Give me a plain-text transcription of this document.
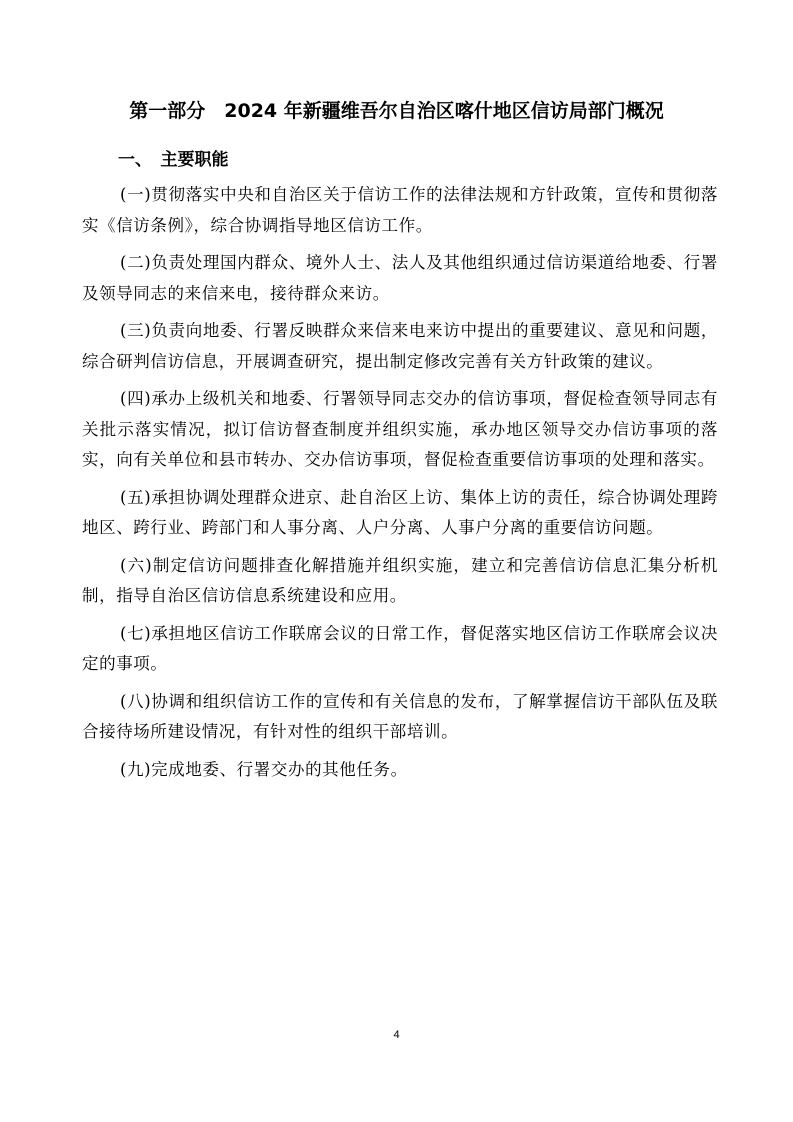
第一部分　2024 年新疆维吾尔自治区喀什地区信访局部门概况
一、　主要职能

(一)贯彻落实中央和自治区关于信访工作的法律法规和方针政策，宣传和贯彻落实《信访条例》，综合协调指导地区信访工作。

(二)负责处理国内群众、境外人士、法人及其他组织通过信访渠道给地委、行署及领导同志的来信来电，接待群众来访。

(三)负责向地委、行署反映群众来信来电来访中提出的重要建议、意见和问题，综合研判信访信息，开展调查研究，提出制定修改完善有关方针政策的建议。

(四)承办上级机关和地委、行署领导同志交办的信访事项，督促检查领导同志有关批示落实情况，拟订信访督查制度并组织实施，承办地区领导交办信访事项的落实，向有关单位和县市转办、交办信访事项，督促检查重要信访事项的处理和落实。

(五)承担协调处理群众进京、赴自治区上访、集体上访的责任，综合协调处理跨地区、跨行业、跨部门和人事分离、人户分离、人事户分离的重要信访问题。

(六)制定信访问题排查化解措施并组织实施，建立和完善信访信息汇集分析机制，指导自治区信访信息系统建设和应用。

(七)承担地区信访工作联席会议的日常工作，督促落实地区信访工作联席会议决定的事项。

(八)协调和组织信访工作的宣传和有关信息的发布，了解掌握信访干部队伍及联合接待场所建设情况，有针对性的组织干部培训。

(九)完成地委、行署交办的其他任务。

4
